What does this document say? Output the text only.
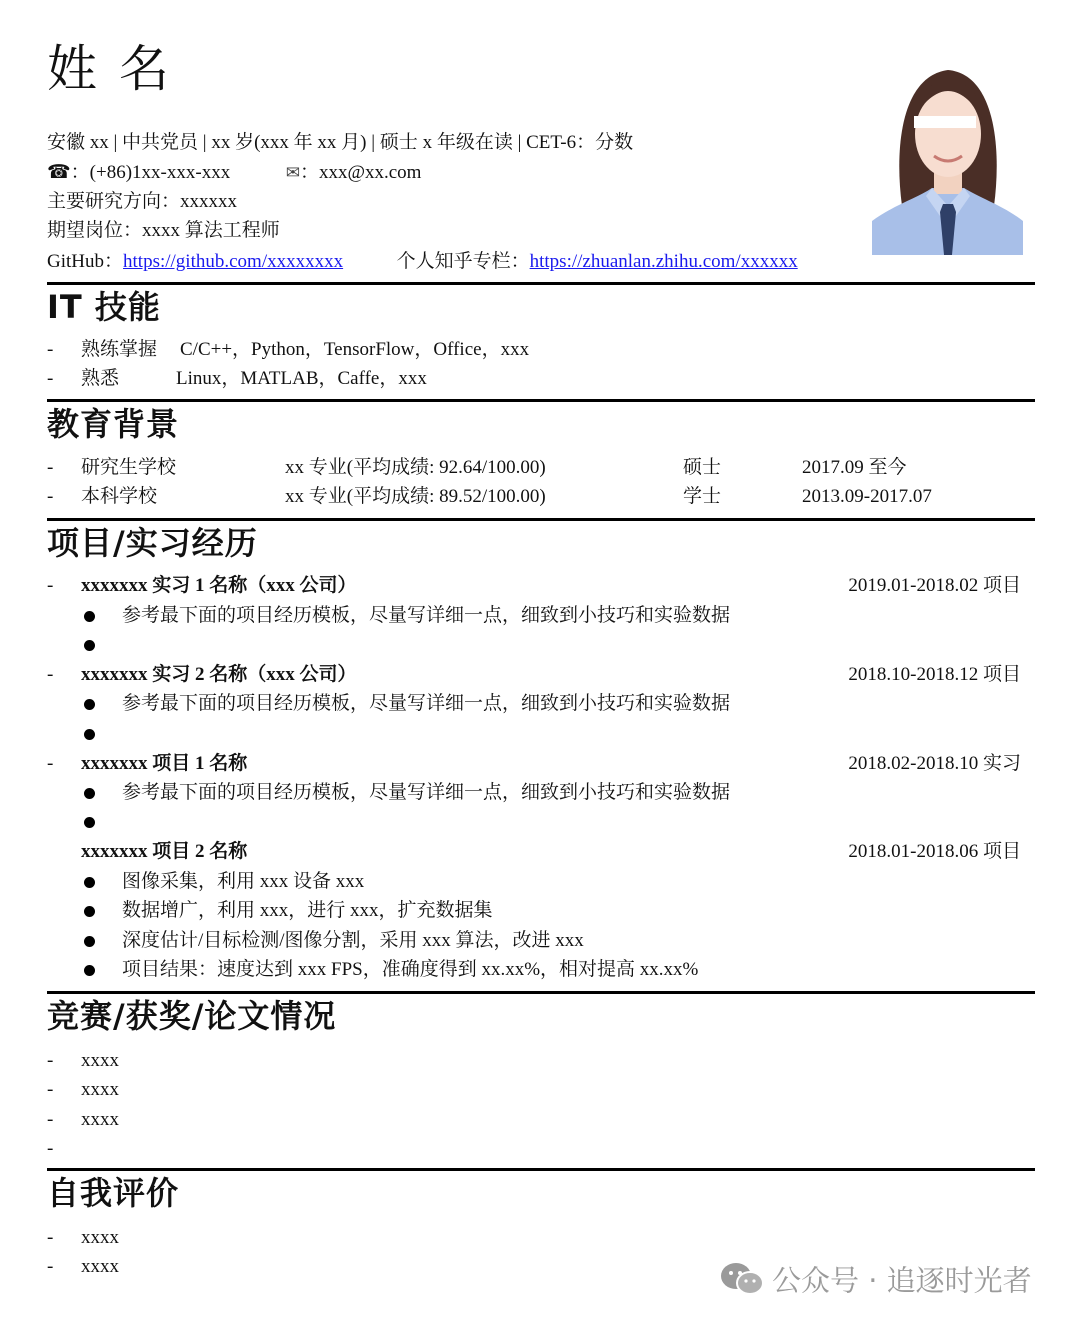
姓名
安徽 xx | 中共党员 | xx 岁(xxx 年 xx 月) | 硕士 x 年级在读 | CET-6：分数
☎：(+86)1xx-xxx-xxx	✉：xxx@xx.com
主要研究方向：xxxxxx
期望岗位：xxxx 算法工程师
GitHub：https://github.com/xxxxxxxx	个人知乎专栏：https://zhuanlan.zhihu.com/xxxxxx
IT 技能
- 熟练掌握 C/C++，Python，TensorFlow，Office，xxx
- 熟悉	Linux，MATLAB，Caffe，xxx
教育背景
- 研究生学校	xx 专业(平均成绩: 92.64/100.00)	硕士	2017.09 至今
- 本科学校	xx 专业(平均成绩: 89.52/100.00)	学士	2013.09-2017.07
项目/实习经历
- xxxxxxx 实习 1 名称（xxx 公司）	2019.01-2018.02 项目
参考最下面的项目经历模板，尽量写详细一点，细致到小技巧和实验数据
- xxxxxxx 实习 2 名称（xxx 公司）	2018.10-2018.12 项目
参考最下面的项目经历模板，尽量写详细一点，细致到小技巧和实验数据
- xxxxxxx 项目 1 名称	2018.02-2018.10 实习
参考最下面的项目经历模板，尽量写详细一点，细致到小技巧和实验数据
xxxxxxx 项目 2 名称	2018.01-2018.06 项目
图像采集，利用 xxx 设备 xxx
数据增广，利用 xxx，进行 xxx，扩充数据集
深度估计/目标检测/图像分割，采用 xxx 算法，改进 xxx
项目结果：速度达到 xxx FPS，准确度得到 xx.xx%，相对提高 xx.xx%
竞赛/获奖/论文情况
- xxxx
- xxxx
- xxxx
-
自我评价
- xxxx
- xxxx	公众号 · 追逐时光者
